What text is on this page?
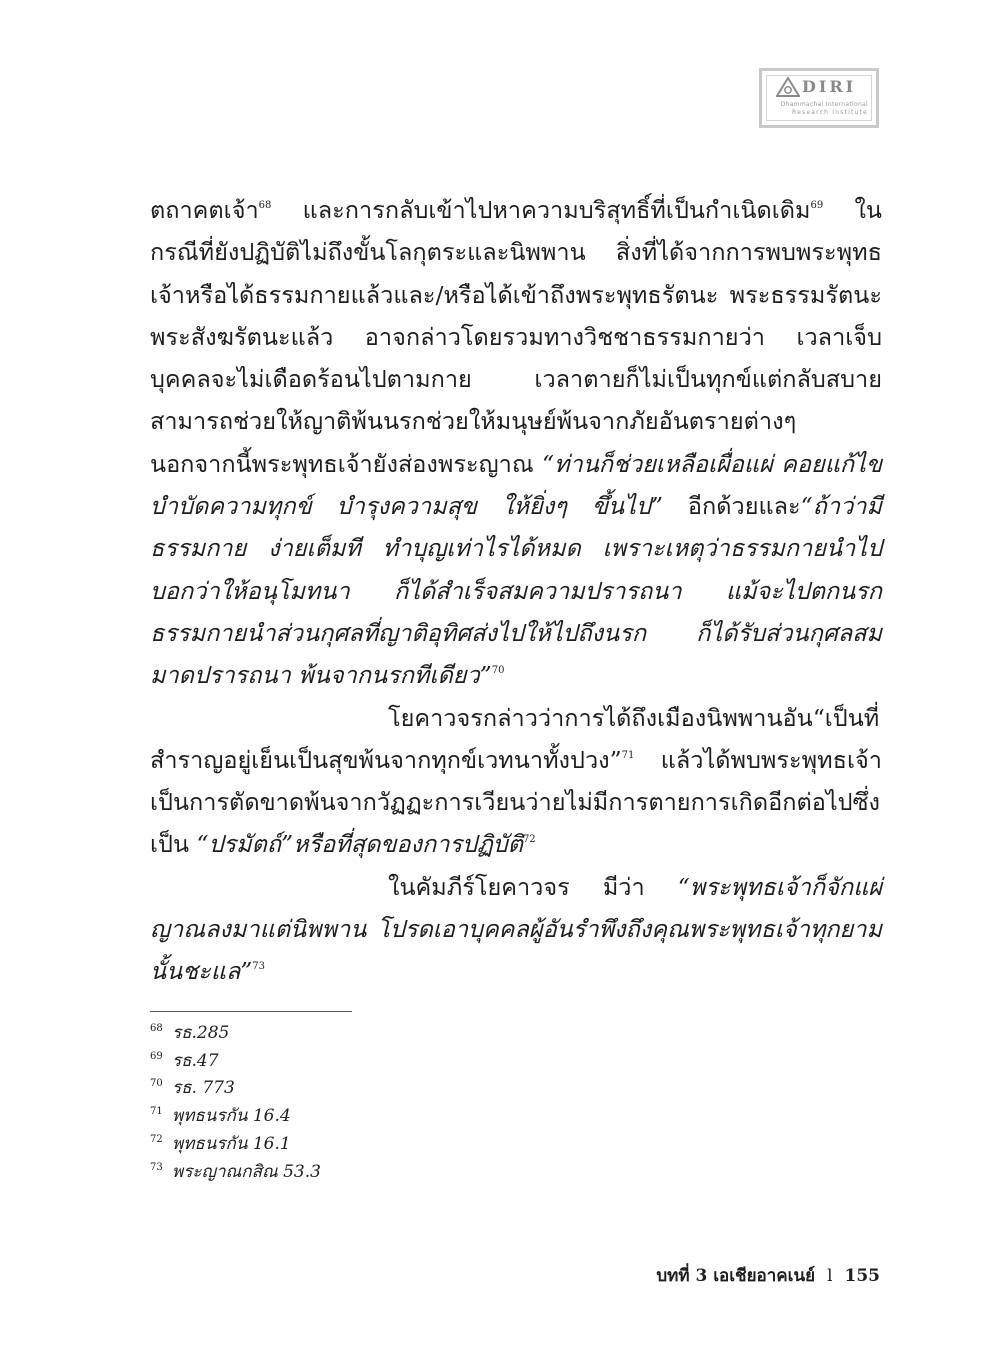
DIRI
Dhammachai International
Research Institute

ตถาคตเจ้า$^{68}$ และการกลับเข้าไปหาความบริสุทธิ์ที่เป็นกำเนิดเดิม$^{69}$ ในกรณีที่ยังปฏิบัติไม่ถึงขั้นโลกุตระและนิพพาน สิ่งที่ได้จากการพบพระพุทธเจ้าหรือได้ธรรมกายแล้วและ/หรือได้เข้าถึงพระพุทธรัตนะ พระธรรมรัตนะ พระสังฆรัตนะแล้ว อาจกล่าวโดยรวมทางวิชชาธรรมกายว่า เวลาเจ็บบุคคลจะไม่เดือดร้อนไปตามกาย เวลาตายก็ไม่เป็นทุกข์แต่กลับสบาย สามารถช่วยให้ญาติพ้นนรกช่วยให้มนุษย์พ้นจากภัยอันตรายต่างๆ นอกจากนี้พระพุทธเจ้ายังส่องพระญาณ “ท่านก็ช่วยเหลือเผื่อแผ่ คอยแก้ไข บำบัดความทุกข์ บำรุงความสุข ให้ยิ่งๆ ขึ้นไป” อีกด้วยและ“ถ้าว่ามีธรรมกาย ง่ายเต็มที ทำบุญเท่าไรได้หมด เพราะเหตุว่าธรรมกายนำไปบอกว่าให้อนุโมทนา ก็ได้สำเร็จสมความปรารถนา แม้จะไปตกนรก ธรรมกายนำส่วนกุศลที่ญาติอุทิศส่งไปให้ไปถึงนรก ก็ได้รับส่วนกุศลสมมาดปรารถนา พ้นจากนรกทีเดียว”$^{70}$

โยคาวจรกล่าวว่าการได้ถึงเมืองนิพพานอัน“เป็นที่สำราญอยู่เย็นเป็นสุขพ้นจากทุกข์เวทนาทั้งปวง”$^{71}$ แล้วได้พบพระพุทธเจ้าเป็นการตัดขาดพ้นจากวัฏฏะการเวียนว่ายไม่มีการตายการเกิดอีกต่อไปซึ่งเป็น “ปรมัตถ์”หรือที่สุดของการปฏิบัติ$^{72}$

ในคัมภีร์โยคาวจร มีว่า “พระพุทธเจ้าก็จักแผ่ญาณลงมาแต่นิพพาน โปรดเอาบุคคลผู้อันรำพึงถึงคุณพระพุทธเจ้าทุกยามนั้นชะแล”$^{73}$

68 รธ.285
69 รธ.47
70 รธ. 773
71 พุทธนรกัน 16.4
72 พุทธนรกัน 16.1
73 พระญาณกสิณ 53.3
บทที่ 3 เอเชียอาคเนย์ l 155
